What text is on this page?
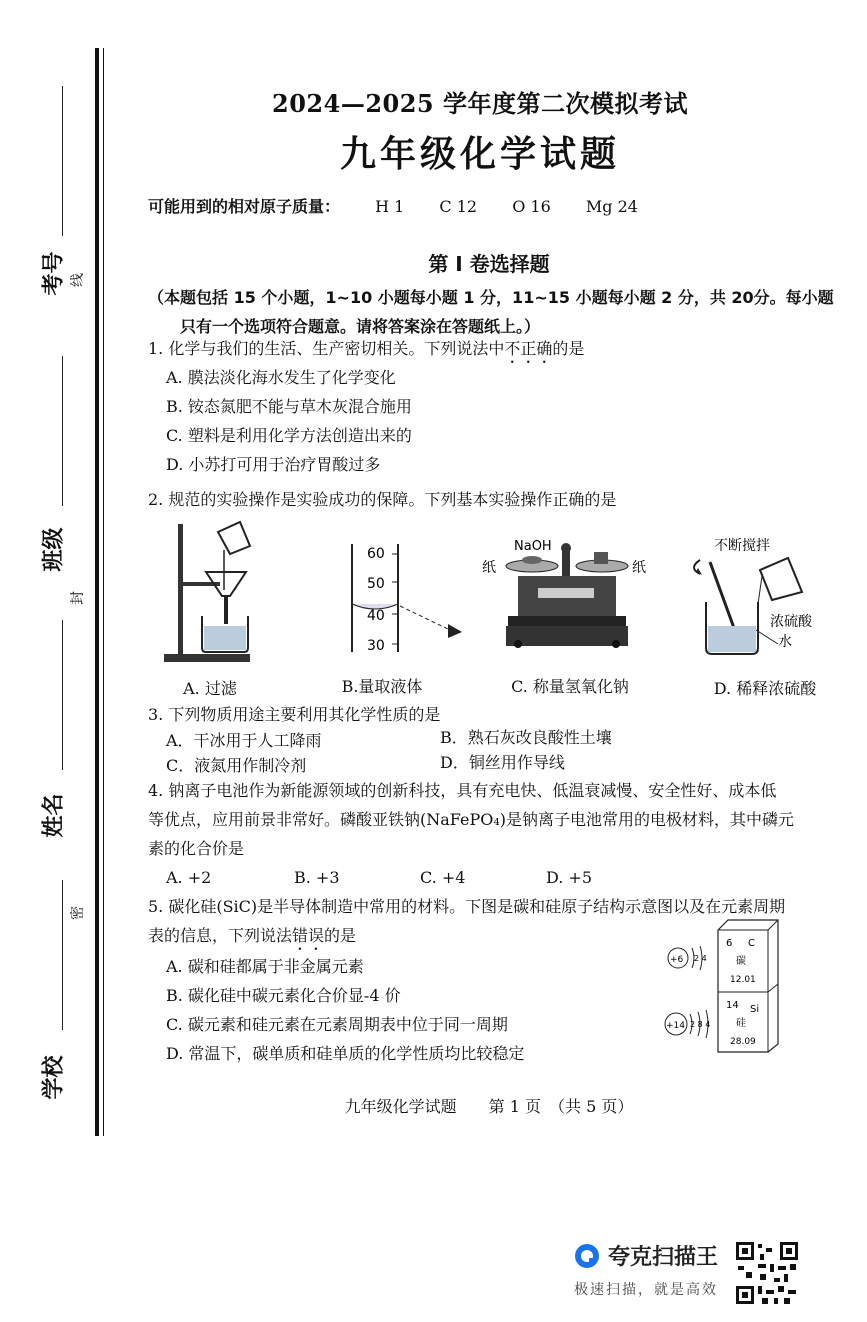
考号 线
班级
封
姓名
密
学校
2024—2025 学年度第二次模拟考试
九年级化学试题
可能用到的相对原子质量： H 1 C 12 O 16 Mg 24
第 Ⅰ 卷选择题
（本题包括 15 个小题，1~10 小题每小题 1 分，11~15 小题每小题 2 分，共 20分。每小题
只有一个选项符合题意。请将答案涂在答题纸上。）
1. 化学与我们的生活、生产密切相关。下列说法中不正确的是
A. 膜法淡化海水发生了化学变化
B. 铵态氮肥不能与草木灰混合施用
C. 塑料是利用化学方法创造出来的
D. 小苏打可用于治疗胃酸过多
2. 规范的实验操作是实验成功的保障。下列基本实验操作正确的是
60
50
40
30
NaOH
纸	纸
不断搅拌
浓硫酸
水
A. 过滤	B.量取液体	C. 称量氢氧化钠	D. 稀释浓硫酸
3. 下列物质用途主要利用其化学性质的是
A．干冰用于人工降雨	B．熟石灰改良酸性土壤
C．液氮用作制冷剂	D．铜丝用作导线
4. 钠离子电池作为新能源领域的创新科技，具有充电快、低温衰减慢、安全性好、成本低
等优点，应用前景非常好。磷酸亚铁钠(NaFePO₄)是钠离子电池常用的电极材料，其中磷元
素的化合价是
A. +2	B. +3	C. +4	D. +5
5. 碳化硅(SiC)是半导体制造中常用的材料。下图是碳和硅原子结构示意图以及在元素周期
表的信息，下列说法错误的是
A. 碳和硅都属于非金属元素
B. 碳化硅中碳元素化合价显-4 价
C. 碳元素和硅元素在元素周期表中位于同一周期
D. 常温下，碳单质和硅单质的化学性质均比较稳定
+6 2 4
+14 2 8 4
6 C
碳
12.01
14 Si
硅
28.09
九年级化学试题　　第 1 页　（共 5 页）
夸克扫描王
极速扫描，就是高效
